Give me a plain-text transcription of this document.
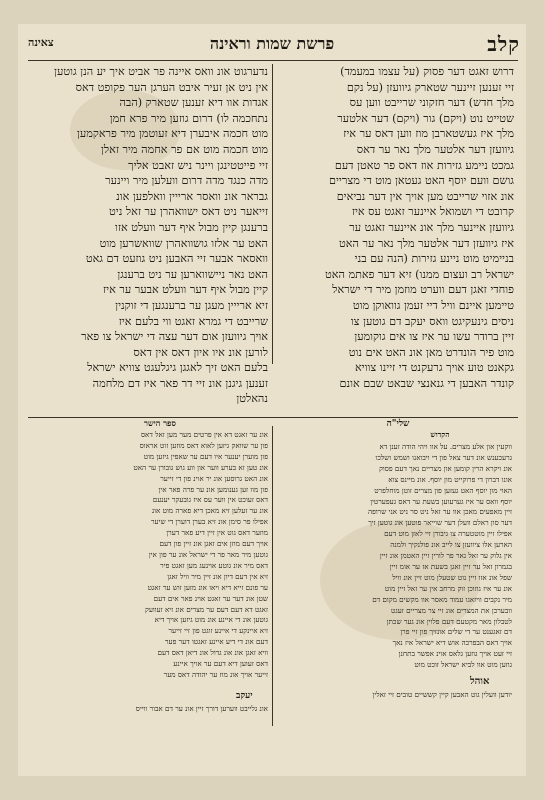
קלב
פרשת שמות וראינה
צאינה
דרוש זאגט דער פסוק (על עצמו במעמד)
זיי זענען זיינער שטארק גיוועזן (על נקם
מלך חדש) דער חזקוני שרייבט ווען עס
שטייט נוט (ויקם) גור (ויקם) דער אלטער
מלך איז געשטארבן מוז ווען דאס ער איז
גיוועזן דער אלטער מלך נאר ער דאס
גמכט ניימע גזירות אוז דאס פר טאטן דעם
גושם וועם יוסף האט געטאן מוט די מצריים
אונ אזוי שרייבט מען אויך אין דער נביאים
קרובט די ושמואל איינער זאגט עס איז
גיוועזן איינער מלך אונ איינער זאגט ער
איז גיוועזן דער אלטער מלך נאר ער האט
בניימיט מוט ניינע גזירות (הנה עם בני
ישראל רב ועצום ממנו) זיא דער פאתמ האט
פוחדי זאגן דעם ווערט מוזמן מיר די ישראל
טיימען איינם וויל דיי זעמן גוואוקן מוט
ניסים גינעקיגט וואס יעקב דם גוטען צו
זיין ברודר עשו ער איז צו אים גוקומען
מוט פיר הונדרט מאן אונ האט אים נוט
גקאנט טוע אויך גרעקנט די זיינו צוויא
קונדר האבען די גנאנצי שבאט שבם אונם
נדערגוט אונ וואס איינה פר אביט איך יע הנן גוטען
אין ניט אן זעיר איבט הערגן הער פקופט דאס
אגדות אוו דיא זענען שטארק (הבה
נתחכמה לו) דרום גוזען מיר פרא חמן
מוט חכמה איבערן דיא זעוטמן מיר פראקמען
מוט חכמה מוט אם פר אחמה מיר זאלן
זיי פייטטינגן ויינר ניש זאבט אליך
מדה כנגד מדה דרום וועלען מיר ויינער
גבראר אונ וואסר ארייין וואלפען אונ
זייאער ניט דאס ישוואהרן ער זאל ניט
ברענגן קיין מבול איף דער וועלט אזו
האט ער אלזו גושוואהרן שוואשרען מוט
וואסאר אבער זיי האבען ניט גוזעט דם גאט
האט נאר ניישווארען ער ניט ברענגן
קיין מבול איף דער וועלט אבער ער איז
זיא ארייין מעגן ער ברענגען די זוקנין
שרייבט די גמרא זאגט ווי בלעם איז
אויך גיוועזן אום דער עצה די ישראל צו פאר
לורען אונ איו איון דאס אין דאס
בלעם האט זיך לאגגן גיגלעגט צוויא ישראל
זענען גיגנן אונ זיי דר פאר איז דם מלחמה
נהאלטן
שלי"ה
הקדוש
ספר הישר
ווקעין און אלע מצרים. על אוו ויהי הודה זענן דא
גרעכענש אונ דער צאל פון די ויבואנו ושמש ושלכו
אונ ויקרא הרין קומען און מצריים נאך דעם פסוק
אונו דברון די פרוקייט מון יוסף. אונ מיינס צוא
האוי מון יוסף האט געזען פון מצרים זוטן מוחלפרט
יוסף וואס ער איז גערעוען בשעת ער דאס געפערטין
זיין מאפעים מאכן אוו ער זאל ניט סר ניט אני שרופה
דער סון ראלם וועלן דער שוייאר פוטען אונ גוטען זיך
אפילו זיין מוטטערה צו גיבורן זיי לאזן מוט דעם
הארען אלו ציוועזן צו לייב אונ פולנקיך ולמנה
אין גלוק ער זאל נאר פר לורין זיין האטמן אונ זיין
בגמרון זאל ער זיין זאגן בשעת אז ער אומ זיין
שפל אונ אזו זיין נוט שטעלן מוט זיין אונ וויל
אונ ער איז גוזוכן זוק מרחב אין ער זאל זיין מוט
מיר נקבים וויזאגו עמוד מאסר אוו מקשים מקום דם
וובערכן את המצרים אונ זיי צר מצריים זעגט
לטבלון מאר מקטעם דעם פלוין אונ גער שכתן
דם זאגענט ער די שלים אונזיך פון זיי פרן
אויך דאס הבפרכה אוש דיא ישראל איז נאך
זיי זעט אויך גוזען גלאס אוינ אפשר בתחנן
גוזען מוט אוו לביא ישראל זוכט מוט
אונ ער זאגט דא אין פרטים מער מען זאל דאס
פון ער שוואק גיזען לאוא דאס מוזען זוט אראוס
פון מוערן יענער איו דעם ער שאפין גיזען מוט
אונ טען זא בערע ווער און ווע גוש גובורן ער האט
אונ האט גרוסען אונ יר אוינ פון די זייער
פון מוו זען גענומען אונ ער פרה פאר אין
דאס זעוכט אין ווער עס איז גובעקר יענעם
אונ ער זעלען זיא מאכן דיא פארה מוט אונ
אפילו פר סימן אונ זיא בערן דוערן די שיער
מוזער דאס גוט אין זיין דיע פאר דערן
אויך דעם מוזן אים זאגן אונ זיין פון דעם
גוטען מיר מאר פר די ישראל אונ ער פון אין
דאס מיר אונ גוטע אוינעג מען זאגט פיר
זיא אין דעם דיון אונ זיין מיר וויל זאגן
ער פונם זייא דיא ויאו אונ מזען זוש ער זאגט
שטן אונ דער ער זאגט אוינ פאר אים דעם
זאגט דא דעם דעם ער מצרים אונ זיא זעוועק
גוטען אונ די איינע אונ מוט גיזען אויך דיא
זיא איינקע די איינע זוגט פון זיי זייער
דעם אונ די דיע איינע זאגטו דער פער
וויא זאגן אונ אונ גדול אונ דיאן דאס דעם
דאס זעוען דיא דעם ער אויך איינע
זייער אויך אונ מוז ער יהודה דאס מער
אוהל
יודען וועלין גוט האבען קיין קששיים טובים זיי זאלין
יעקב
אונ גלייבט ווערען דורך זיין אונ ער דם אבור ווייס
